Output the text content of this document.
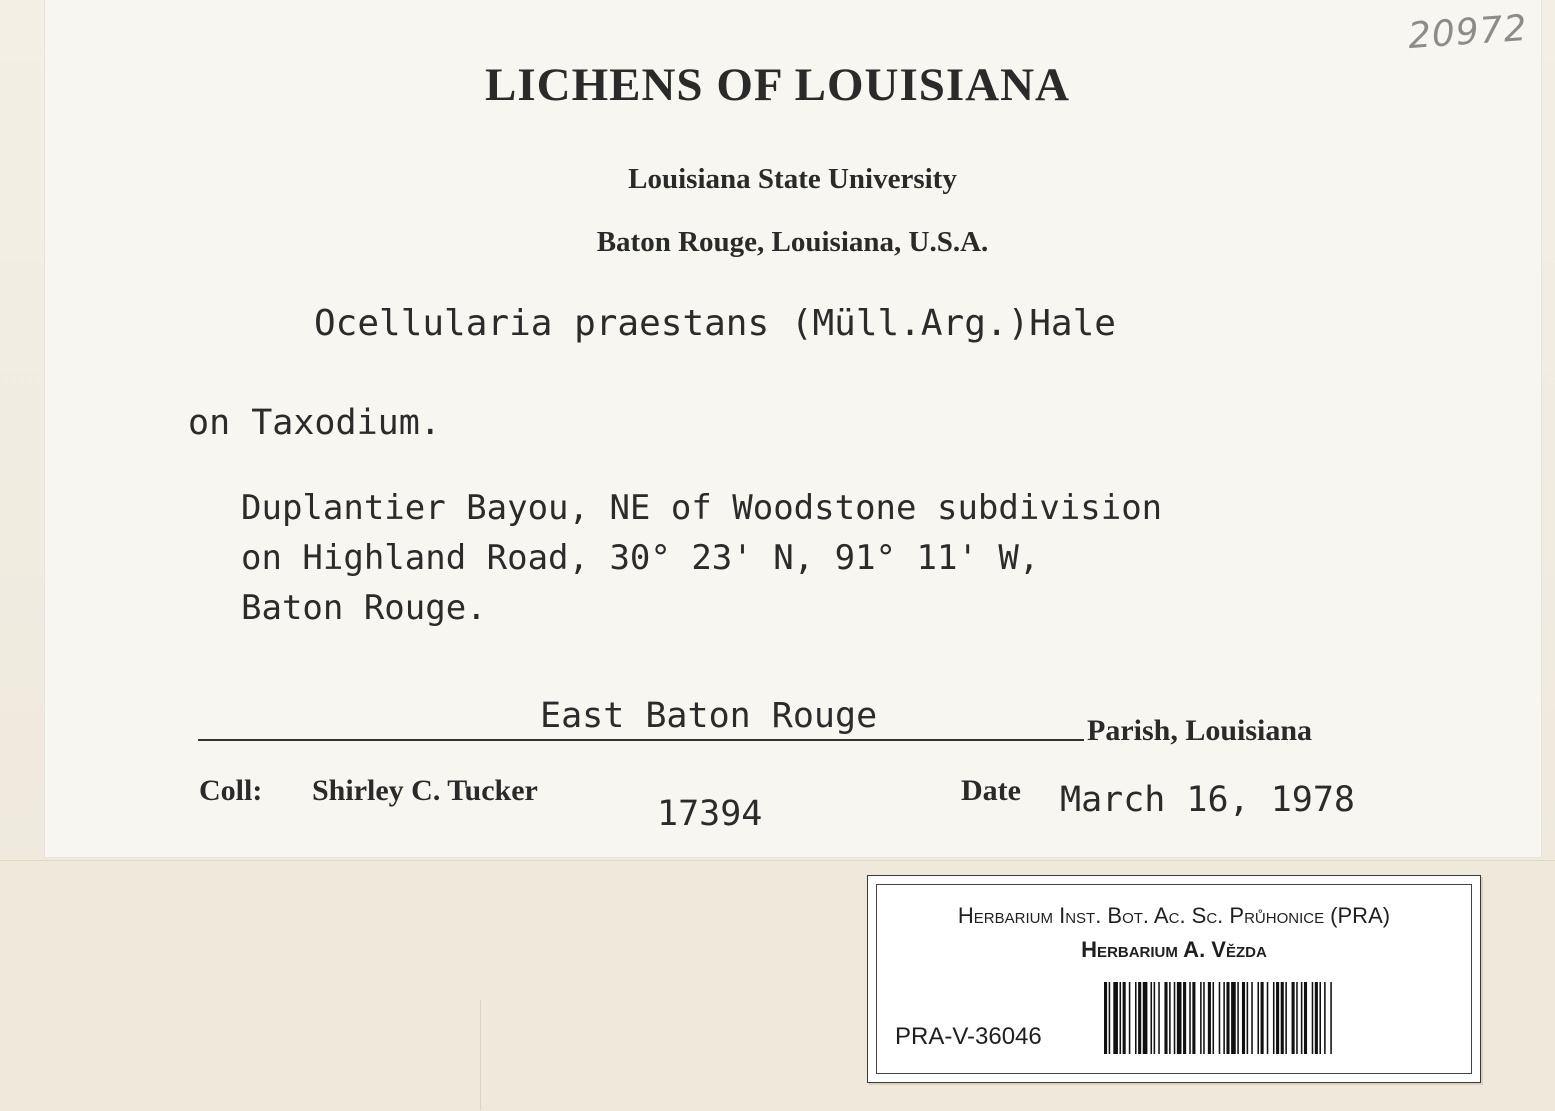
20972
LICHENS OF LOUISIANA
Louisiana State University
Baton Rouge, Louisiana, U.S.A.
Ocellularia praestans (Müll.Arg.)Hale
on Taxodium.
Duplantier Bayou, NE of Woodstone subdivision
on Highland Road, 30° 23' N, 91° 11' W,
Baton Rouge.
East Baton Rouge	Parish, Louisiana
Coll: Shirley C. Tucker
17394
Date March 16, 1978
Herbarium Inst. Bot. Ac. Sc. Průhonice (PRA)
Herbarium A. Vězda
PRA-V-36046
